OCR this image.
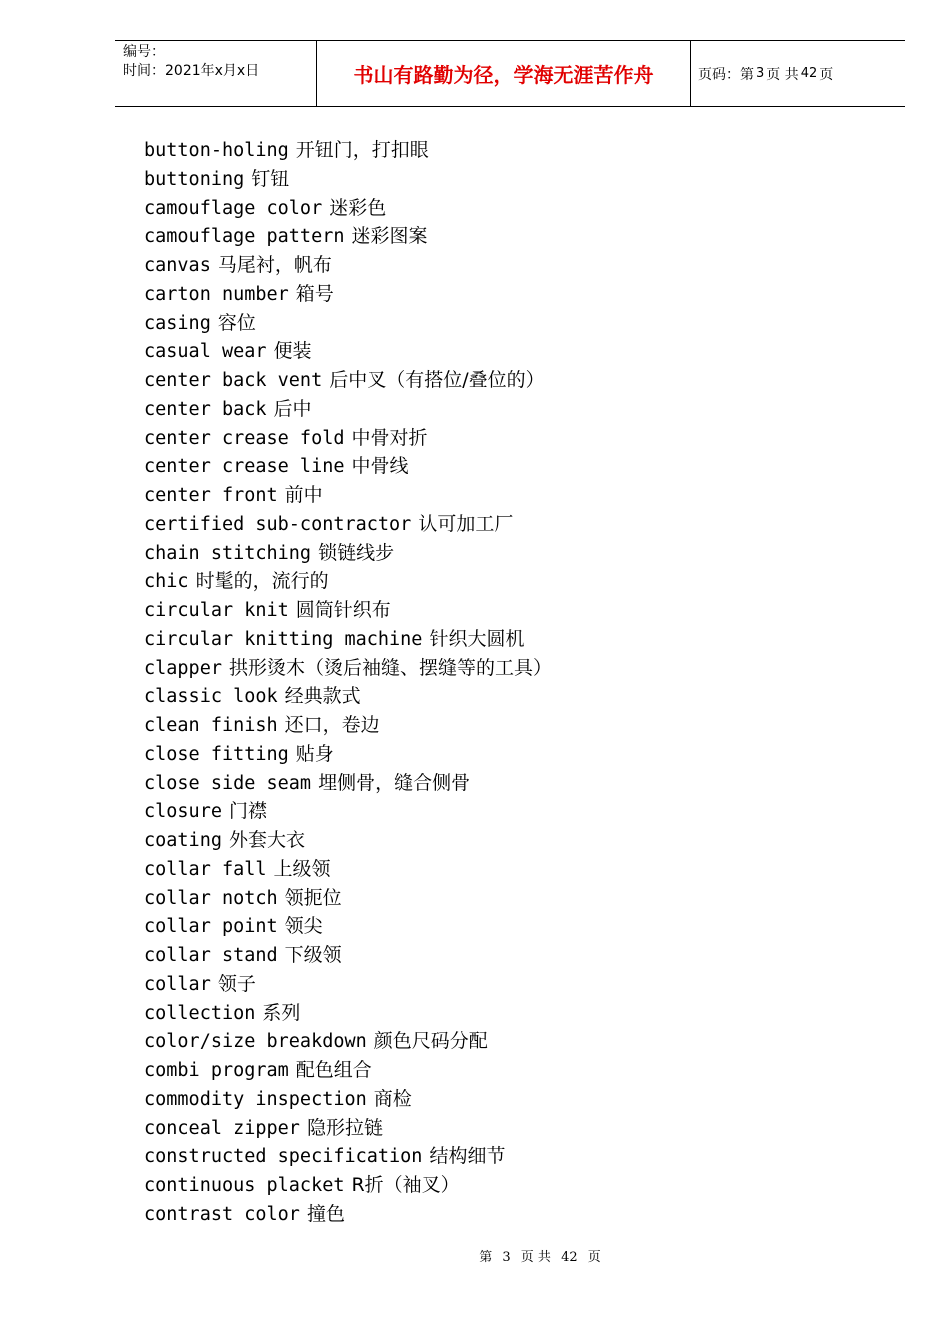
编号：
时间：2021年x月x日	书山有路勤为径，学海无涯苦作舟	页码：第 3 页 共 42 页
button-holing 开钮门，打扣眼
buttoning 钉钮
camouflage color 迷彩色
camouflage pattern 迷彩图案
canvas 马尾衬，帆布
carton number 箱号
casing 容位
casual wear 便装
center back vent 后中叉（有搭位/叠位的）
center back 后中
center crease fold 中骨对折
center crease line 中骨线
center front 前中
certified sub-contractor 认可加工厂
chain stitching 锁链线步
chic 时髦的，流行的
circular knit 圆筒针织布
circular knitting machine 针织大圆机
clapper 拱形烫木（烫后袖缝、摆缝等的工具）
classic look 经典款式
clean finish 还口，卷边
close fitting 贴身
close side seam 埋侧骨，缝合侧骨
closure 门襟
coating 外套大衣
collar fall 上级领
collar notch 领扼位
collar point 领尖
collar stand 下级领
collar 领子
collection 系列
color/size breakdown 颜色尺码分配
combi program 配色组合
commodity inspection 商检
conceal zipper 隐形拉链
constructed specification 结构细节
continuous placket R折（袖叉）
contrast color 撞色
第 3 页 共 42 页
